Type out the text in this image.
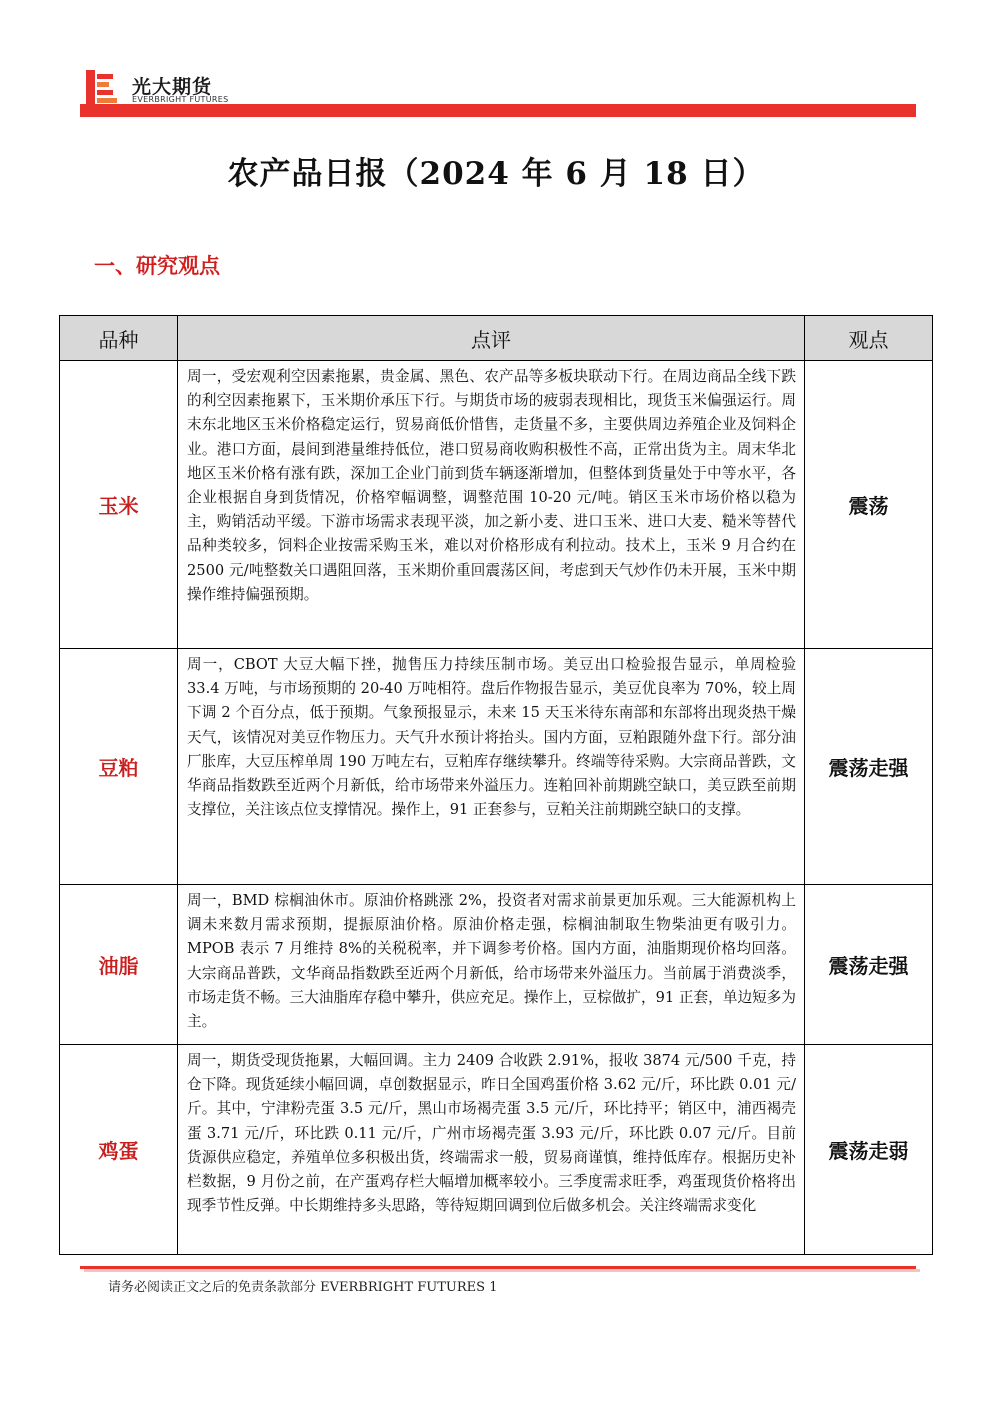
光大期货
EVERBRIGHT FUTURES
农产品日报（2024 年 6 月 18 日）
一、研究观点
品种	点评	观点
玉米	周一，受宏观利空因素拖累，贵金属、黑色、农产品等多板块联动下行。在周边商品全线下跌的利空因素拖累下，玉米期价承压下行。与期货市场的疲弱表现相比，现货玉米偏强运行。周末东北地区玉米价格稳定运行，贸易商低价惜售，走货量不多，主要供周边养殖企业及饲料企业。港口方面，晨间到港量维持低位，港口贸易商收购积极性不高，正常出货为主。周末华北地区玉米价格有涨有跌，深加工企业门前到货车辆逐渐增加，但整体到货量处于中等水平，各企业根据自身到货情况，价格窄幅调整，调整范围 10-20 元/吨。销区玉米市场价格以稳为主，购销活动平缓。下游市场需求表现平淡，加之新小麦、进口玉米、进口大麦、糙米等替代品种类较多，饲料企业按需采购玉米，难以对价格形成有利拉动。技术上，玉米 9 月合约在 2500 元/吨整数关口遇阻回落，玉米期价重回震荡区间，考虑到天气炒作仍未开展，玉米中期操作维持偏强预期。	震荡
豆粕	周一，CBOT 大豆大幅下挫，抛售压力持续压制市场。美豆出口检验报告显示，单周检验 33.4 万吨，与市场预期的 20-40 万吨相符。盘后作物报告显示，美豆优良率为 70%，较上周下调 2 个百分点，低于预期。气象预报显示，未来 15 天玉米待东南部和东部将出现炎热干燥天气，该情况对美豆作物压力。天气升水预计将抬头。国内方面，豆粕跟随外盘下行。部分油厂胀库，大豆压榨单周 190 万吨左右，豆粕库存继续攀升。终端等待采购。大宗商品普跌，文华商品指数跌至近两个月新低，给市场带来外溢压力。连粕回补前期跳空缺口，美豆跌至前期支撑位，关注该点位支撑情况。操作上，91 正套参与，豆粕关注前期跳空缺口的支撑。	震荡走强
油脂	周一，BMD 棕榈油休市。原油价格跳涨 2%，投资者对需求前景更加乐观。三大能源机构上调未来数月需求预期，提振原油价格。原油价格走强，棕榈油制取生物柴油更有吸引力。MPOB 表示 7 月维持 8%的关税税率，并下调参考价格。国内方面，油脂期现价格均回落。大宗商品普跌，文华商品指数跌至近两个月新低，给市场带来外溢压力。当前属于消费淡季，市场走货不畅。三大油脂库存稳中攀升，供应充足。操作上，豆棕做扩，91 正套，单边短多为主。	震荡走强
鸡蛋	周一，期货受现货拖累，大幅回调。主力 2409 合收跌 2.91%，报收 3874 元/500 千克，持仓下降。现货延续小幅回调，卓创数据显示，昨日全国鸡蛋价格 3.62 元/斤，环比跌 0.01 元/斤。其中，宁津粉壳蛋 3.5 元/斤，黑山市场褐壳蛋 3.5 元/斤，环比持平；销区中，浦西褐壳蛋 3.71 元/斤，环比跌 0.11 元/斤，广州市场褐壳蛋 3.93 元/斤，环比跌 0.07 元/斤。目前货源供应稳定，养殖单位多积极出货，终端需求一般，贸易商谨慎，维持低库存。根据历史补栏数据，9 月份之前，在产蛋鸡存栏大幅增加概率较小。三季度需求旺季，鸡蛋现货价格将出现季节性反弹。中长期维持多头思路，等待短期回调到位后做多机会。关注终端需求变化	震荡走弱
请务必阅读正文之后的免责条款部分 EVERBRIGHT FUTURES 1
